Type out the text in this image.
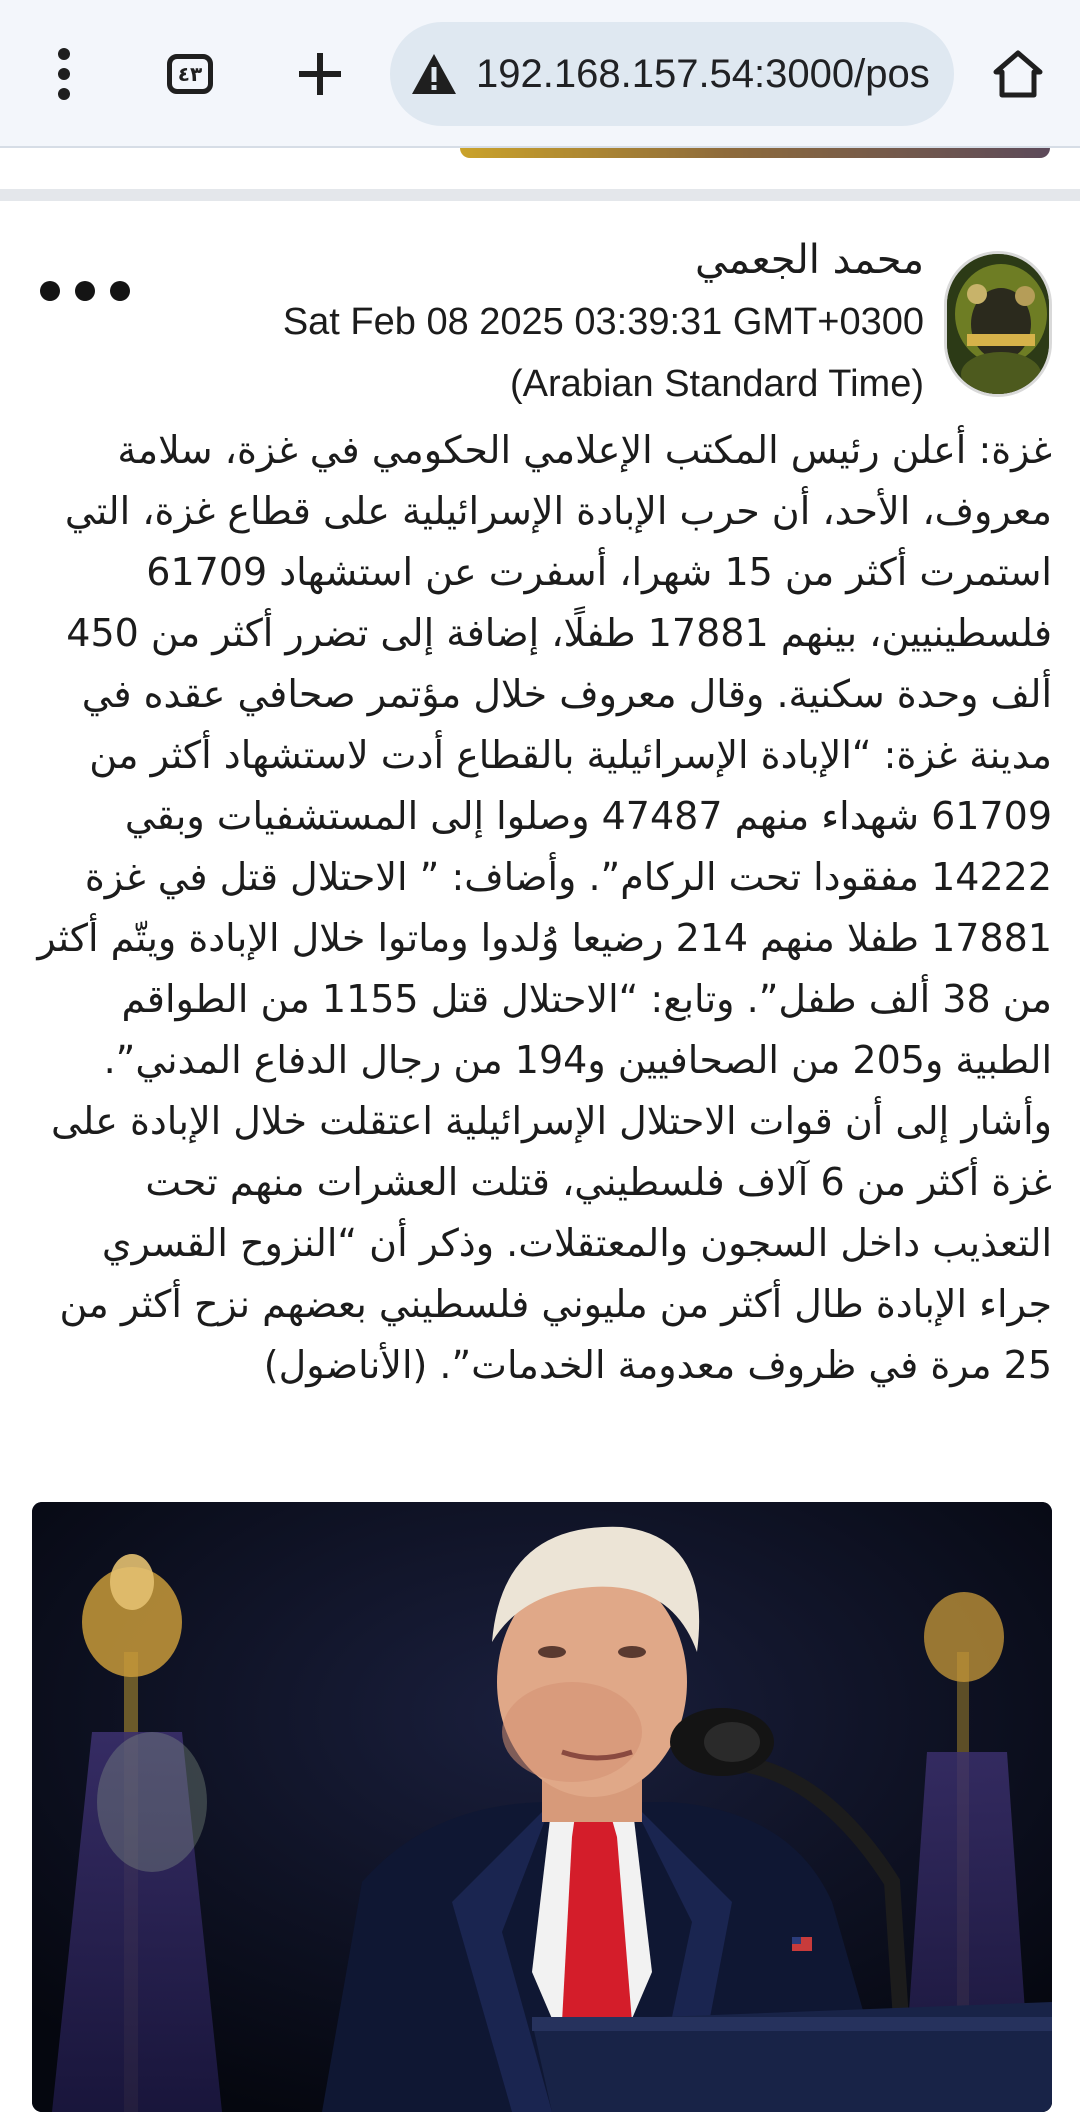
٤٣	192.168.157.54:3000/pos
محمد الجعمي
Sat Feb 08 2025 03:39:31 GMT+0300
(Arabian Standard Time)
غزة: أعلن رئيس المكتب الإعلامي الحكومي في غزة، سلامة معروف، الأحد، أن حرب الإبادة الإسرائيلية على قطاع غزة، التي استمرت أكثر من 15 شهرا، أسفرت عن استشهاد 61709 فلسطينيين، بينهم 17881 طفلًا، إضافة إلى تضرر أكثر من 450 ألف وحدة سكنية. وقال معروف خلال مؤتمر صحافي عقده في مدينة غزة: “الإبادة الإسرائيلية بالقطاع أدت لاستشهاد أكثر من 61709 شهداء منهم 47487 وصلوا إلى المستشفيات وبقي 14222 مفقودا تحت الركام”. وأضاف: ” الاحتلال قتل في غزة 17881 طفلا منهم 214 رضيعا وُلدوا وماتوا خلال الإبادة ويتّم أكثر من 38 ألف طفل”. وتابع: “الاحتلال قتل 1155 من الطواقم الطبية و205 من الصحافيين و194 من رجال الدفاع المدني”. وأشار إلى أن قوات الاحتلال الإسرائيلية اعتقلت خلال الإبادة على غزة أكثر من 6 آلاف فلسطيني، قتلت العشرات منهم تحت التعذيب داخل السجون والمعتقلات. وذكر أن “النزوح القسري جراء الإبادة طال أكثر من مليوني فلسطيني بعضهم نزح أكثر من 25 مرة في ظروف معدومة الخدمات”. (الأناضول)
